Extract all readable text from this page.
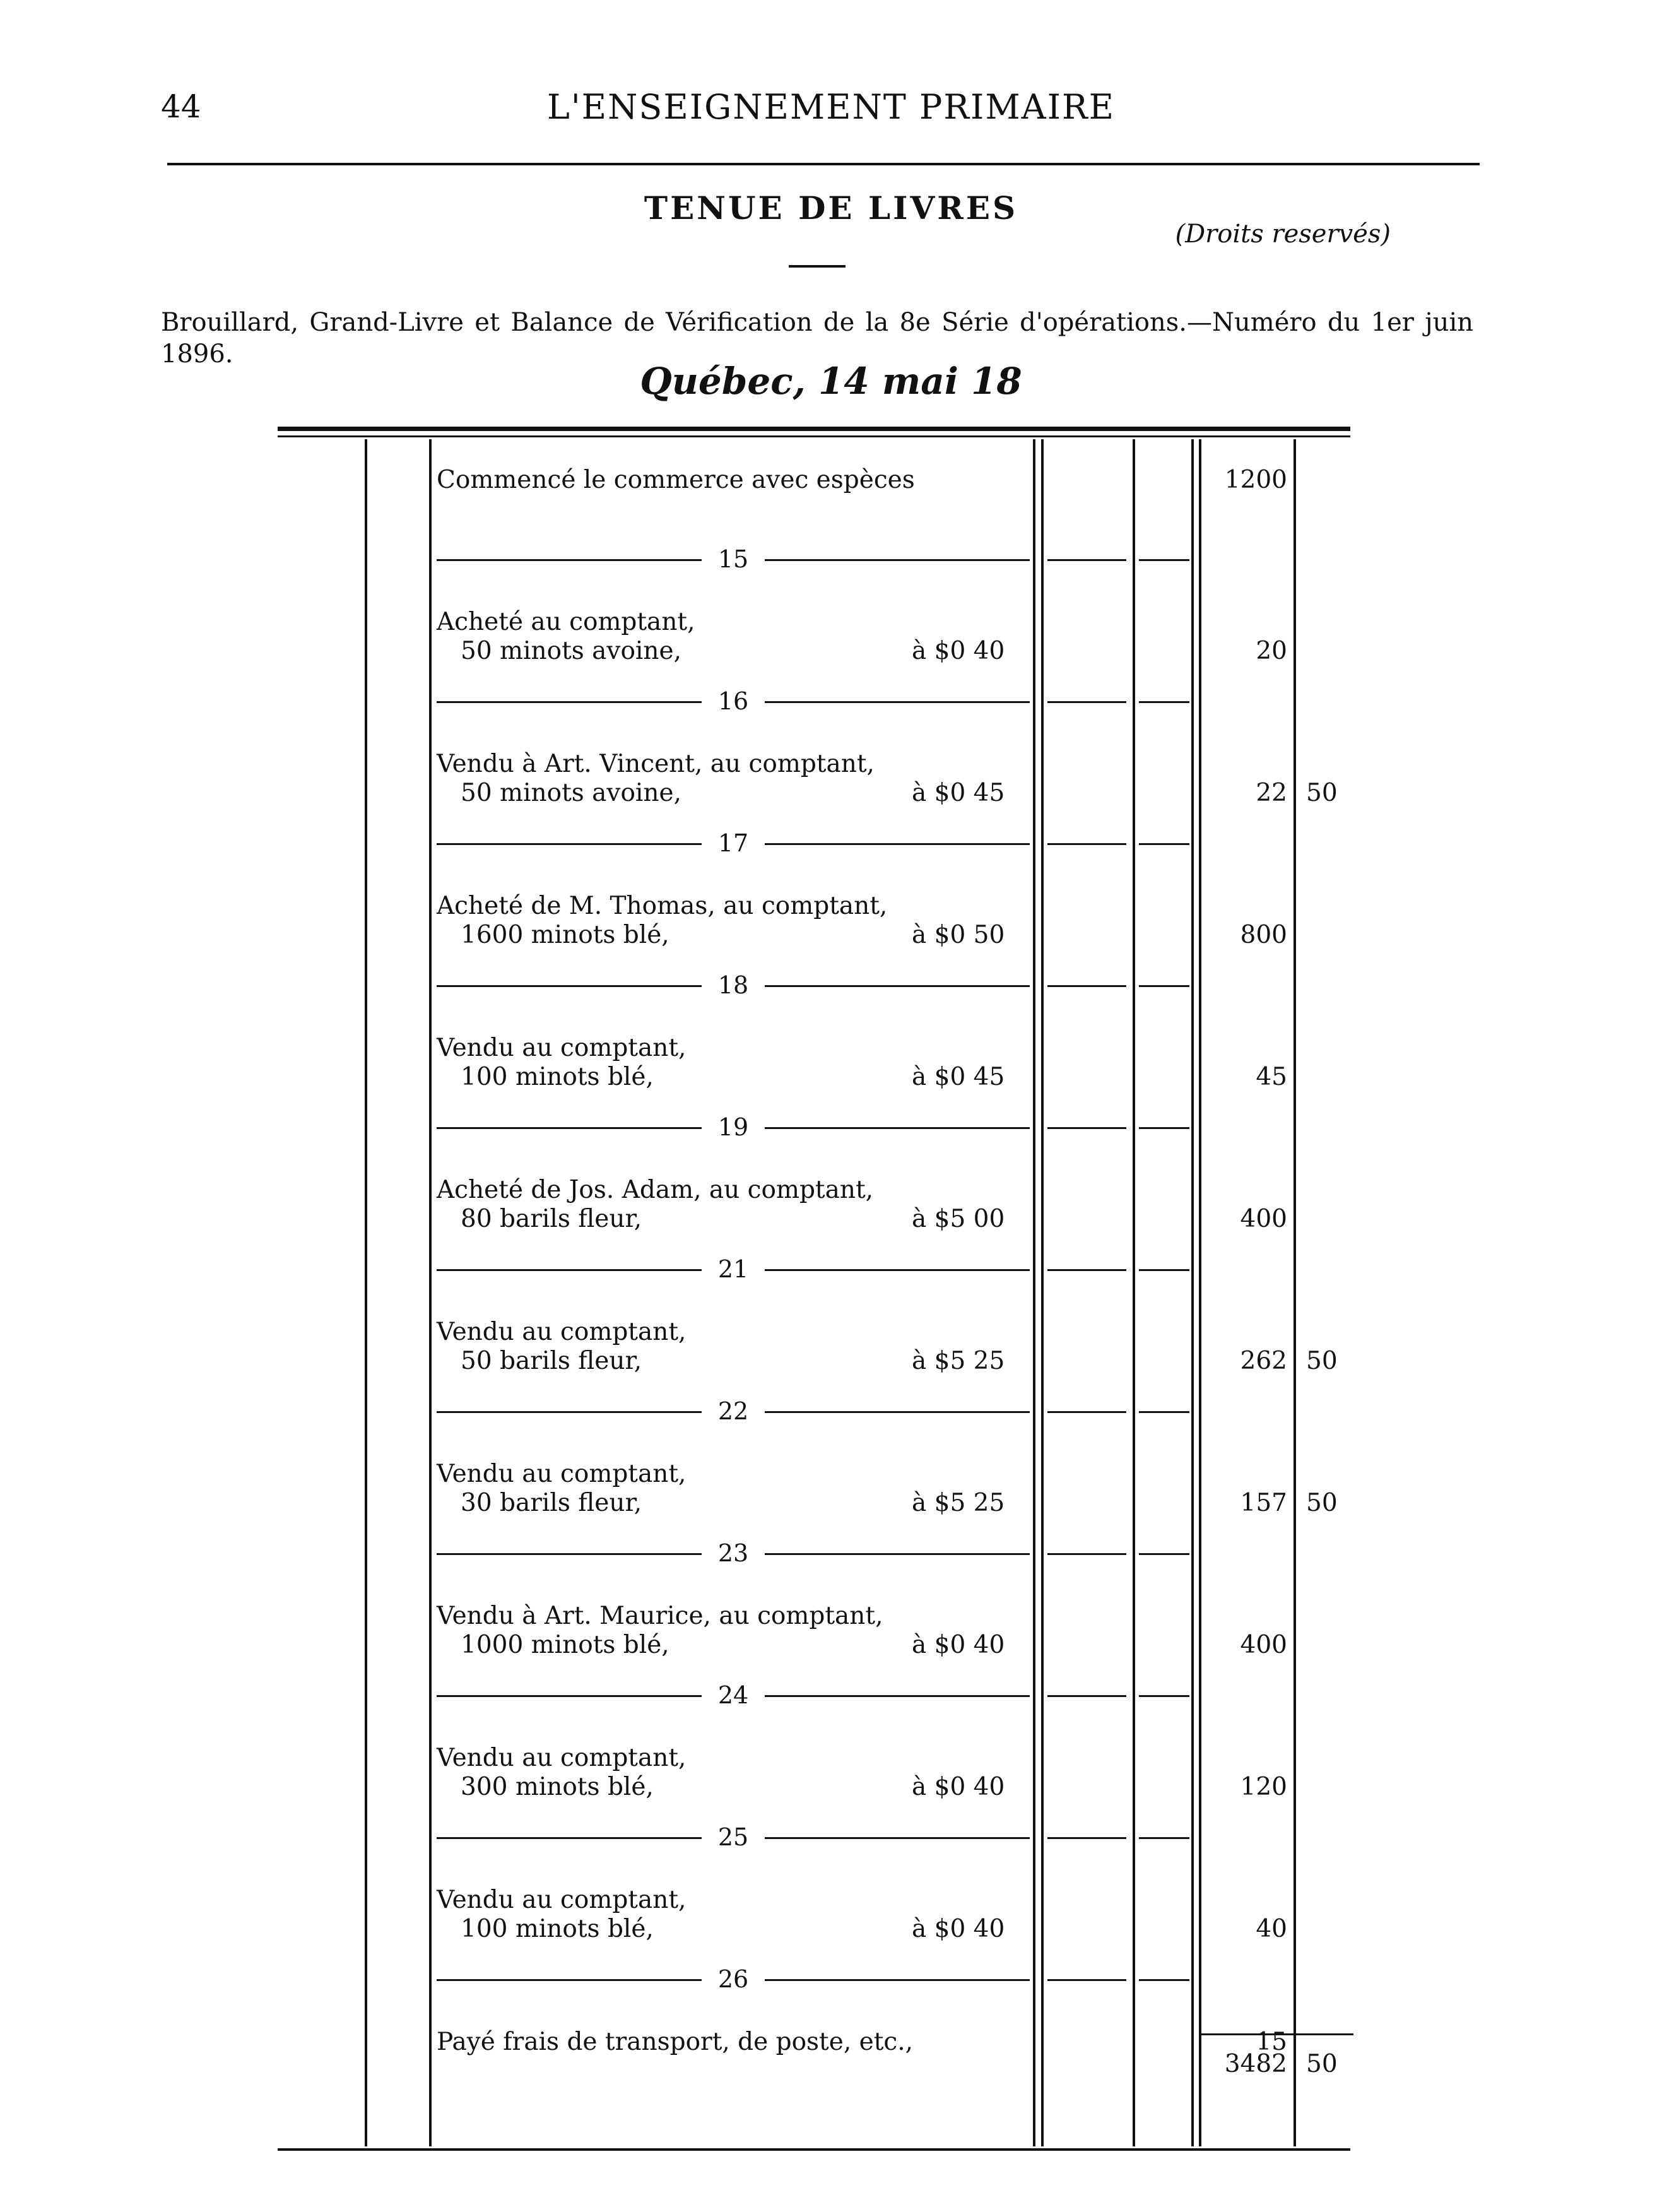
44	L'ENSEIGNEMENT PRIMAIRE
TENUE DE LIVRES
(Droits reservés)
Brouillard, Grand-Livre et Balance de Vérification de la 8e Série d'opérations.—Numéro du 1er juin 1896.
Québec, 14 mai 18
Commencé le commerce avec espèces	1200
15
Acheté au comptant,
50 minots avoine,	à $0 40	20
16
Vendu à Art. Vincent, au comptant,
50 minots avoine,	à $0 45	22 50
17
Acheté de M. Thomas, au comptant,
1600 minots blé,	à $0 50	800
18
Vendu au comptant,
100 minots blé,	à $0 45	45
19
Acheté de Jos. Adam, au comptant,
80 barils fleur,	à $5 00	400
21
Vendu au comptant,
50 barils fleur,	à $5 25	262 50
22
Vendu au comptant,
30 barils fleur,	à $5 25	157 50
23
Vendu à Art. Maurice, au comptant,
1000 minots blé,	à $0 40	400
24
Vendu au comptant,
300 minots blé,	à $0 40	120
25
Vendu au comptant,
100 minots blé,	à $0 40	40
26
Payé frais de transport, de poste, etc.,	15
3482 50
